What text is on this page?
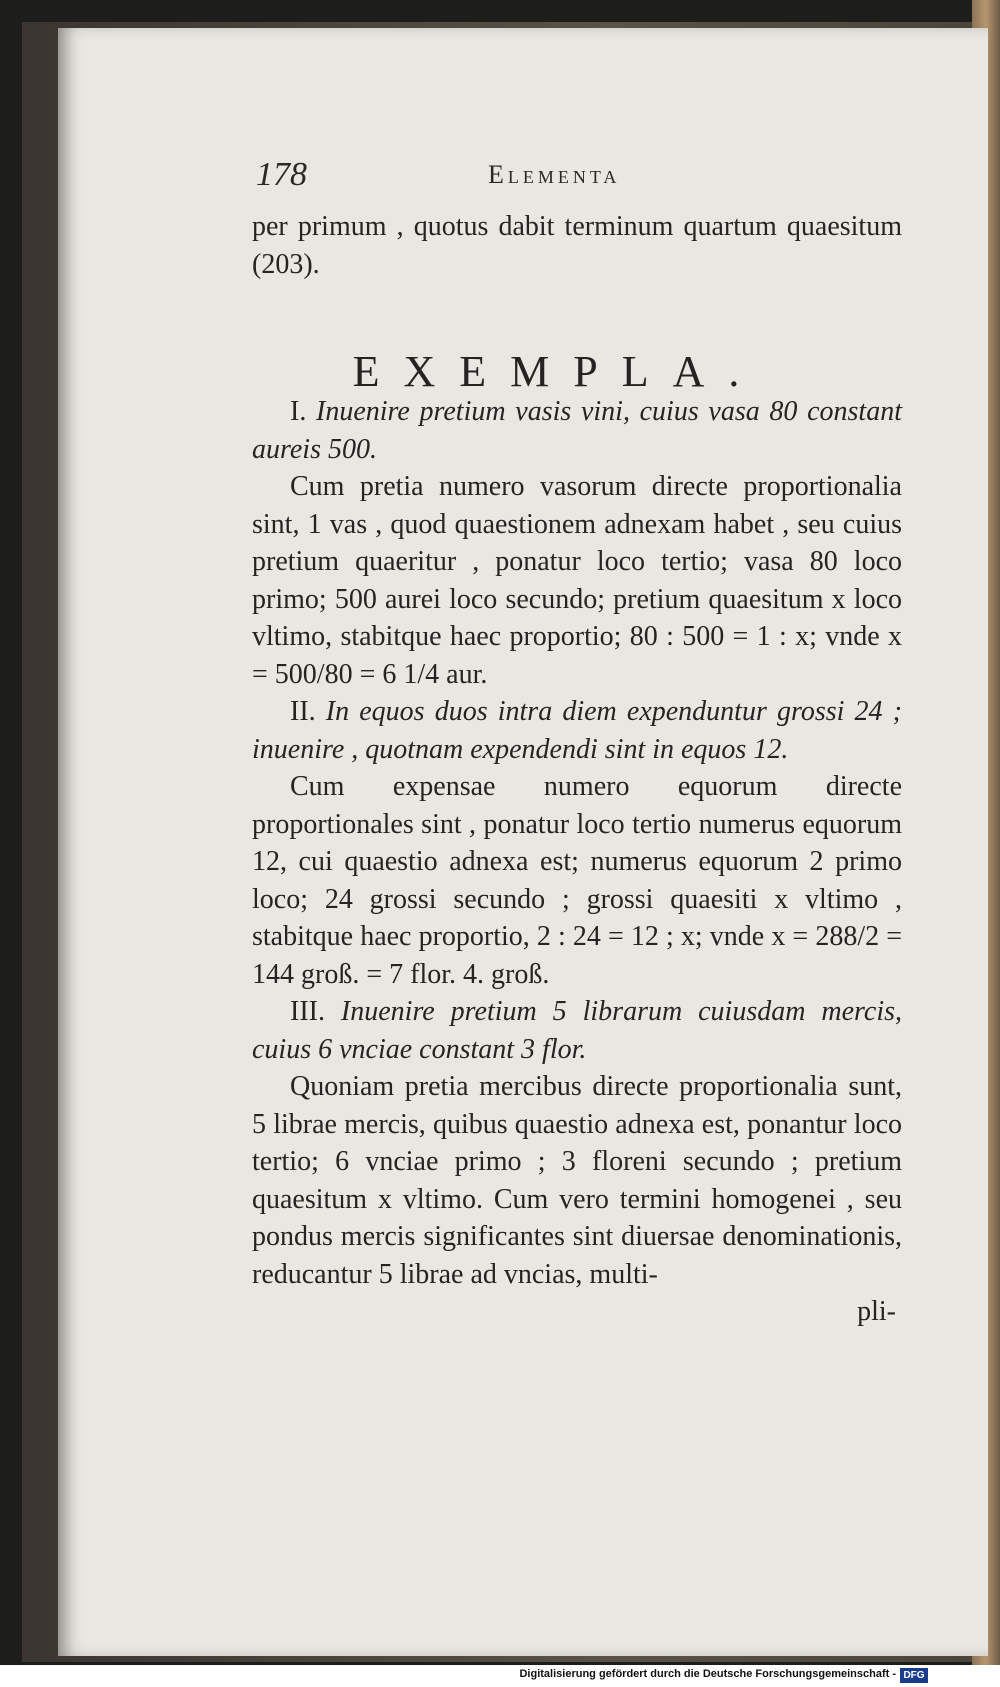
178	Elementa

per primum , quotus dabit terminum quartum quaesitum (203).

EXEMPLA.

I. Inuenire pretium vasis vini, cuius vasa 80 constant aureis 500.

Cum pretia numero vasorum directe proportionalia sint, 1 vas , quod quaestionem adnexam habet , seu cuius pretium quaeritur , ponatur loco tertio; vasa 80 loco primo; 500 aurei loco secundo; pretium quaesitum x loco vltimo, stabitque haec proportio; 80 : 500 = 1 : x; vnde x = 500/80 = 6 1/4 aur.

II. In equos duos intra diem expenduntur grossi 24 ; inuenire , quotnam expendendi sint in equos 12.

Cum expensae numero equorum directe proportionales sint , ponatur loco tertio numerus equorum 12, cui quaestio adnexa est; numerus equorum 2 primo loco; 24 grossi secundo ; grossi quaesiti x vltimo , stabitque haec proportio, 2 : 24 = 12 ; x; vnde x = 288/2 = 144 groß. = 7 flor. 4. groß.

III. Inuenire pretium 5 librarum cuiusdam mercis, cuius 6 vnciae constant 3 flor.

Quoniam pretia mercibus directe proportionalia sunt, 5 librae mercis, quibus quaestio adnexa est, ponantur loco tertio; 6 vnciae primo ; 3 floreni secundo ; pretium quaesitum x vltimo. Cum vero termini homogenei , seu pondus mercis significantes sint diuersae denominationis, reducantur 5 librae ad vncias, multi-

pli-

Digitalisierung gefördert durch die Deutsche Forschungsgemeinschaft - DFG
